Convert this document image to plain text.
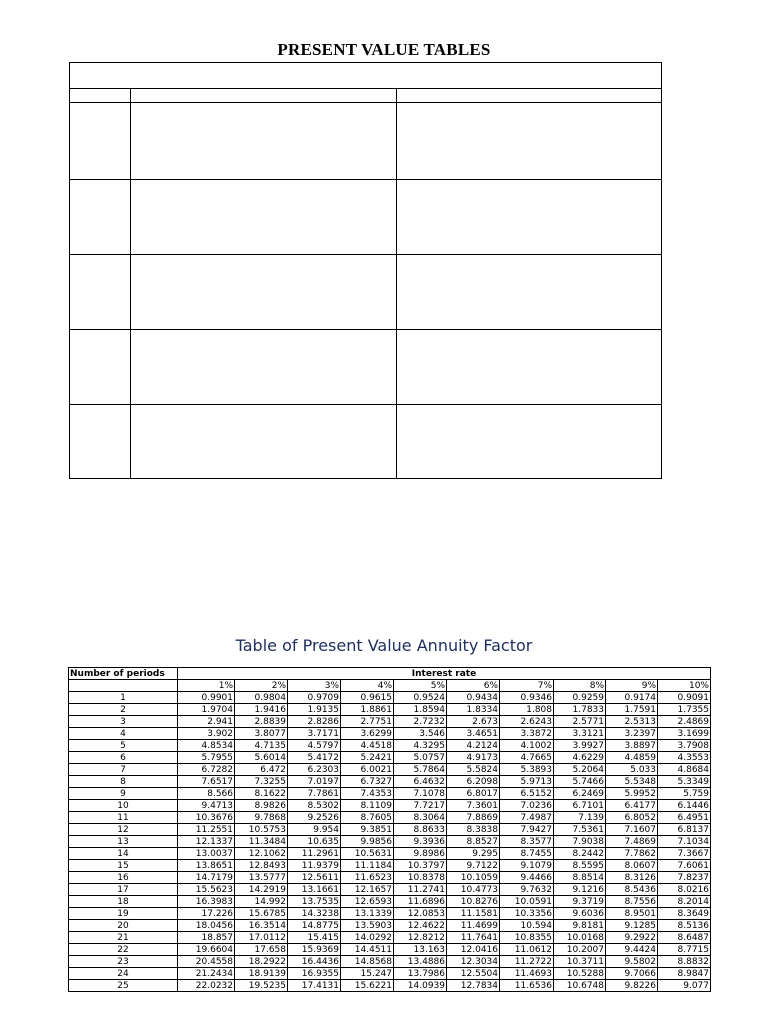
PRESENT VALUE TABLES
Table of Present Value Annuity Factor
Number of periods	Interest rate									
	1%	2%	3%	4%	5%	6%	7%	8%	9%	10%
1	0.9901	0.9804	0.9709	0.9615	0.9524	0.9434	0.9346	0.9259	0.9174	0.9091
2	1.9704	1.9416	1.9135	1.8861	1.8594	1.8334	1.808	1.7833	1.7591	1.7355
3	2.941	2.8839	2.8286	2.7751	2.7232	2.673	2.6243	2.5771	2.5313	2.4869
4	3.902	3.8077	3.7171	3.6299	3.546	3.4651	3.3872	3.3121	3.2397	3.1699
5	4.8534	4.7135	4.5797	4.4518	4.3295	4.2124	4.1002	3.9927	3.8897	3.7908
6	5.7955	5.6014	5.4172	5.2421	5.0757	4.9173	4.7665	4.6229	4.4859	4.3553
7	6.7282	6.472	6.2303	6.0021	5.7864	5.5824	5.3893	5.2064	5.033	4.8684
8	7.6517	7.3255	7.0197	6.7327	6.4632	6.2098	5.9713	5.7466	5.5348	5.3349
9	8.566	8.1622	7.7861	7.4353	7.1078	6.8017	6.5152	6.2469	5.9952	5.759
10	9.4713	8.9826	8.5302	8.1109	7.7217	7.3601	7.0236	6.7101	6.4177	6.1446
11	10.3676	9.7868	9.2526	8.7605	8.3064	7.8869	7.4987	7.139	6.8052	6.4951
12	11.2551	10.5753	9.954	9.3851	8.8633	8.3838	7.9427	7.5361	7.1607	6.8137
13	12.1337	11.3484	10.635	9.9856	9.3936	8.8527	8.3577	7.9038	7.4869	7.1034
14	13.0037	12.1062	11.2961	10.5631	9.8986	9.295	8.7455	8.2442	7.7862	7.3667
15	13.8651	12.8493	11.9379	11.1184	10.3797	9.7122	9.1079	8.5595	8.0607	7.6061
16	14.7179	13.5777	12.5611	11.6523	10.8378	10.1059	9.4466	8.8514	8.3126	7.8237
17	15.5623	14.2919	13.1661	12.1657	11.2741	10.4773	9.7632	9.1216	8.5436	8.0216
18	16.3983	14.992	13.7535	12.6593	11.6896	10.8276	10.0591	9.3719	8.7556	8.2014
19	17.226	15.6785	14.3238	13.1339	12.0853	11.1581	10.3356	9.6036	8.9501	8.3649
20	18.0456	16.3514	14.8775	13.5903	12.4622	11.4699	10.594	9.8181	9.1285	8.5136
21	18.857	17.0112	15.415	14.0292	12.8212	11.7641	10.8355	10.0168	9.2922	8.6487
22	19.6604	17.658	15.9369	14.4511	13.163	12.0416	11.0612	10.2007	9.4424	8.7715
23	20.4558	18.2922	16.4436	14.8568	13.4886	12.3034	11.2722	10.3711	9.5802	8.8832
24	21.2434	18.9139	16.9355	15.247	13.7986	12.5504	11.4693	10.5288	9.7066	8.9847
25	22.0232	19.5235	17.4131	15.6221	14.0939	12.7834	11.6536	10.6748	9.8226	9.077
